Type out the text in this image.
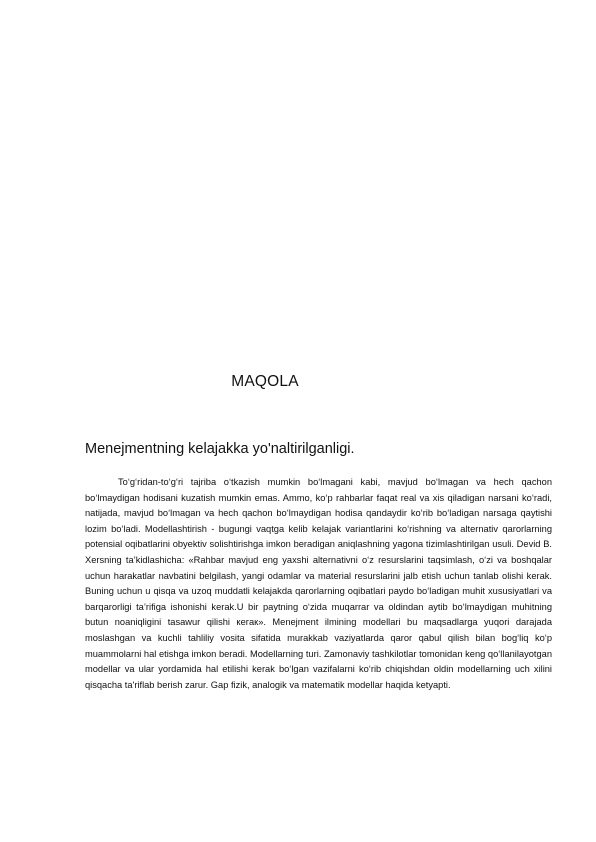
MAQOLA
Menejmentning kelajakka yo'naltirilganligi.

To‘g‘ridan-to‘g‘ri tajriba o‘tkazish mumkin bo‘lmagani kabi, mavjud bo‘lmagan va hech qachon bo‘lmaydigan hodisani kuzatish mumkin emas. Ammo, ko‘p rahbarlar faqat real va xis qiladigan narsani ko‘radi, natijada, mavjud bo‘lmagan va hech qachon bo‘lmaydigan hodisa qandaydir ko‘rib bo‘ladigan narsaga qaytishi lozim bo‘ladi. Modellashtirish - bugungi vaqtga kelib kelajak variantlarini ko‘rishning va alternativ qarorlarning potensial oqibatlarini obyektiv solishtirishga imkon beradigan aniqlashning yagona tizimlashtirilgan usuli. Devid B. Xersning ta’kidlashicha: «Rahbar mavjud eng yaxshi alternativni o‘z resurslarini taqsimlash, o‘zi va boshqalar uchun harakatlar navbatini belgilash, yangi odamlar va material resurslarini jalb etish uchun tanlab olishi kerak. Buning uchun u qisqa va uzoq muddatli kelajakda qarorlarning oqibatlari paydo bo‘ladigan muhit xususiyatlari va barqarorligi ta’rifiga ishonishi kerak.U bir paytning o‘zida muqarrar va oldindan aytib bo‘lmaydigan muhitning butun noaniqligini tasawur qilishi кегак». Menejment ilmining modellari bu maqsadlarga yuqori darajada moslashgan va kuchli tahliliy vosita sifatida murakkab vaziyatlarda qaror qabul qilish bilan bog‘liq ko‘p muammolarni hal etishga imkon beradi. Modellarning turi. Zamonaviy tashkilotlar tomonidan keng qo‘llanilayotgan modellar va ular yordamida hal etilishi kerak bo‘lgan vazifalarni ko‘rib chiqishdan oldin modellarning uch xilini qisqacha ta'riflab berish zarur. Gap fizik, analogik va matematik modellar haqida ketyapti.
